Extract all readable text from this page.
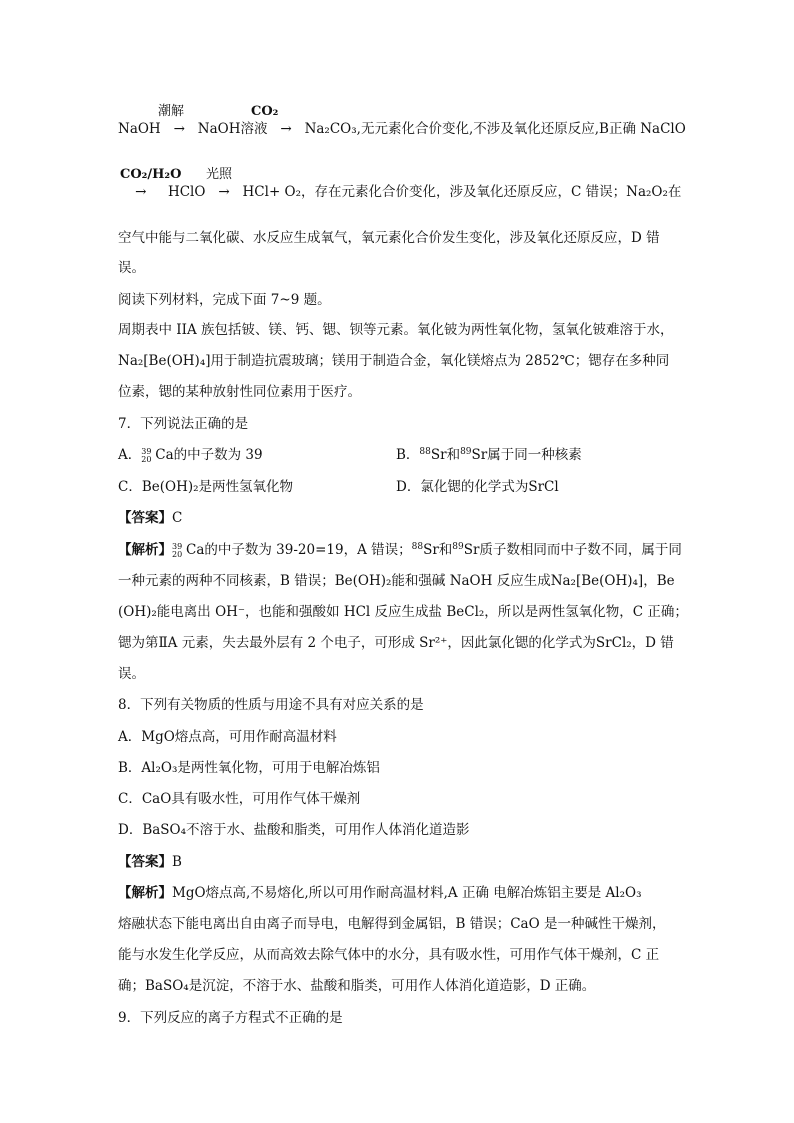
潮解	CO₂
NaOH   →   NaOH溶液   →   Na₂CO₃,无元素化合价变化,不涉及氧化还原反应,B正确 NaClO
CO₂/H₂O 光照
→     HClO   →   HCl+ O₂，存在元素化合价变化，涉及氧化还原反应，C 错误；Na₂O₂在
空气中能与二氧化碳、水反应生成氧气，氧元素化合价发生变化，涉及氧化还原反应，D 错
误。
阅读下列材料，完成下面 7~9 题。
周期表中 IIA 族包括铍、镁、钙、锶、钡等元素。氧化铍为两性氧化物，氢氧化铍难溶于水，
Na₂[Be(OH)₄]用于制造抗震玻璃；镁用于制造合金，氧化镁熔点为 2852℃；锶存在多种同
位素，锶的某种放射性同位素用于医疗。
7．下列说法正确的是
A． 39
20 Ca的中子数为 39	B．$^{88}$Sr和$^{89}$Sr属于同一种核素
C．Be(OH)₂是两性氢氧化物	D．氯化锶的化学式为SrCl
【答案】C
【解析】 39
20 Ca的中子数为 39-20=19，A 错误；$^{88}$Sr和$^{89}$Sr质子数相同而中子数不同，属于同
一种元素的两种不同核素，B 错误；Be(OH)₂能和强碱 NaOH 反应生成Na₂[Be(OH)₄]，Be
(OH)₂能电离出 OH⁻，也能和强酸如 HCl 反应生成盐 BeCl₂，所以是两性氢氧化物，C 正确；
锶为第ⅡA 元素，失去最外层有 2 个电子，可形成 Sr²⁺，因此氯化锶的化学式为SrCl₂，D 错
误。
8．下列有关物质的性质与用途不具有对应关系的是
A．MgO熔点高，可用作耐高温材料
B．Al₂O₃是两性氧化物，可用于电解冶炼铝
C．CaO具有吸水性，可用作气体干燥剂
D．BaSO₄不溶于水、盐酸和脂类，可用作人体消化道造影
【答案】B
【解析】MgO熔点高,不易熔化,所以可用作耐高温材料,A 正确 电解冶炼铝主要是 Al₂O₃
熔融状态下能电离出自由离子而导电，电解得到金属铝，B 错误；CaO 是一种碱性干燥剂，
能与水发生化学反应，从而高效去除气体中的水分，具有吸水性，可用作气体干燥剂，C 正
确；BaSO₄是沉淀，不溶于水、盐酸和脂类，可用作人体消化道造影，D 正确。
9．下列反应的离子方程式不正确的是
